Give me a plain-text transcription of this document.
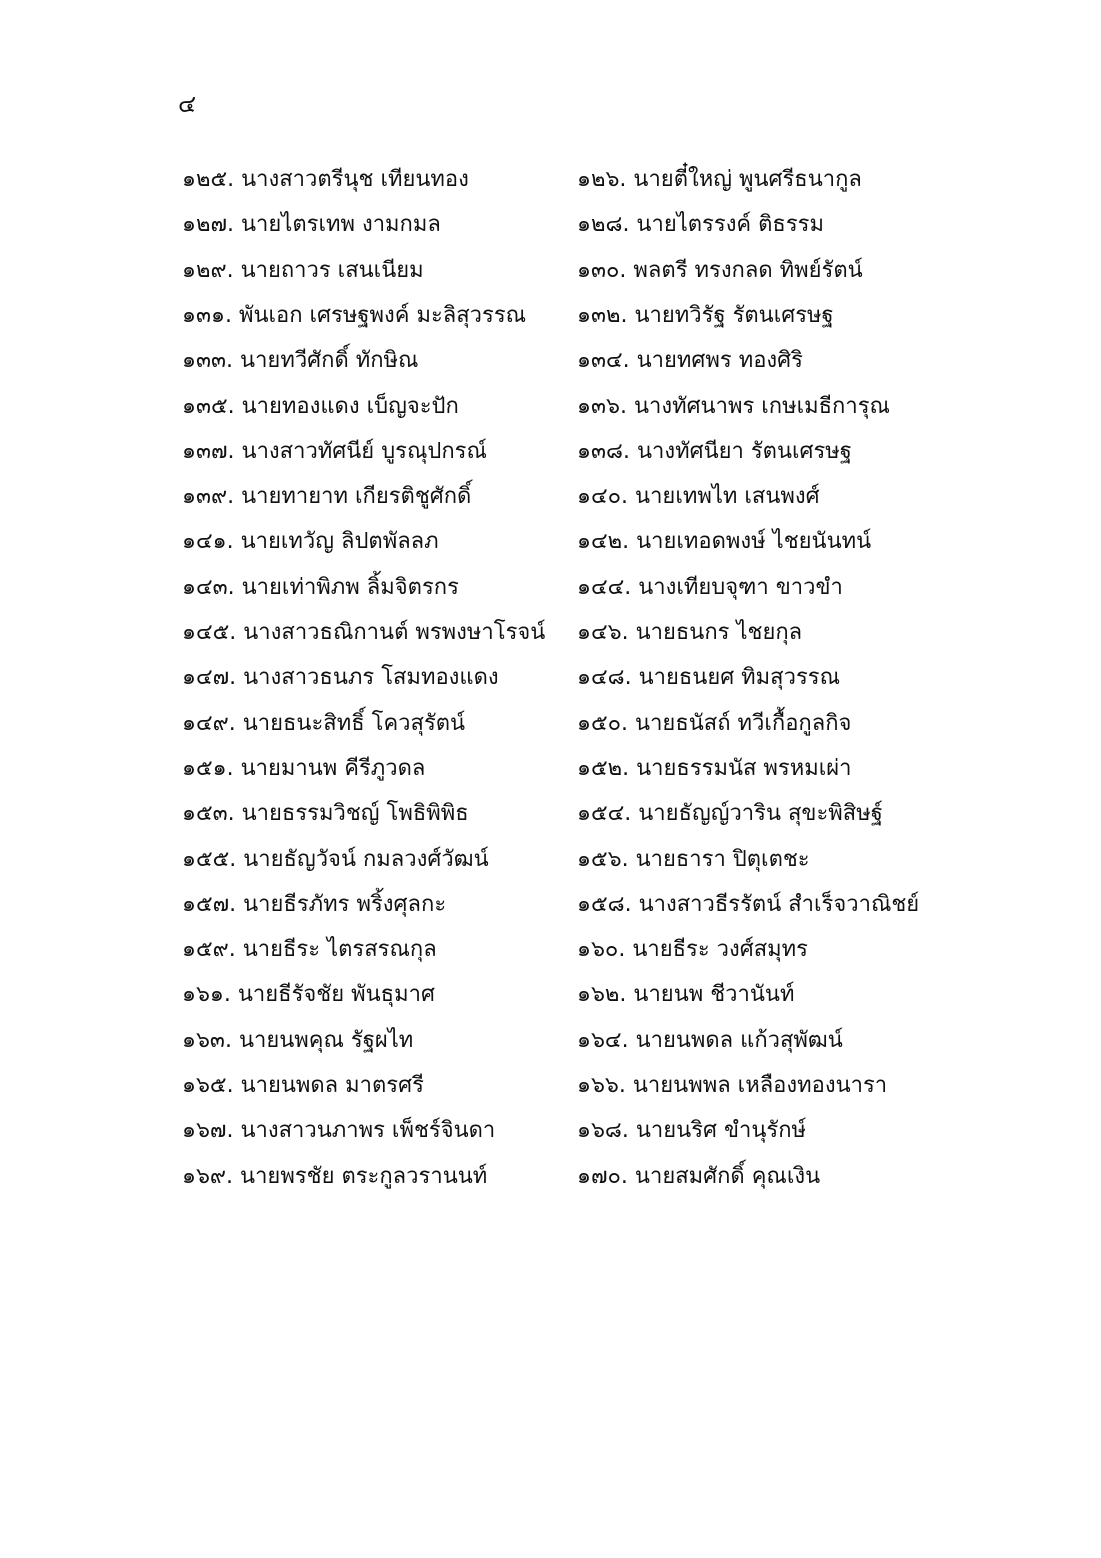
๔
๑๒๕. นางสาวตรีนุช เทียนทอง	๑๒๖. นายตี๋ใหญ่ พูนศรีธนากูล
๑๒๗. นายไตรเทพ งามกมล	๑๒๘. นายไตรรงค์ ติธรรม
๑๒๙. นายถาวร เสนเนียม	๑๓๐. พลตรี ทรงกลด ทิพย์รัตน์
๑๓๑. พันเอก เศรษฐพงค์ มะลิสุวรรณ ๑๓๒. นายทวิรัฐ รัตนเศรษฐ
๑๓๓. นายทวีศักดิ์ ทักษิณ	๑๓๔. นายทศพร ทองศิริ
๑๓๕. นายทองแดง เบ็ญจะปัก	๑๓๖. นางทัศนาพร เกษเมธีการุณ
๑๓๗. นางสาวทัศนีย์ บูรณุปกรณ์	๑๓๘. นางทัศนียา รัตนเศรษฐ
๑๓๙. นายทายาท เกียรติชูศักดิ์	๑๔๐. นายเทพไท เสนพงศ์
๑๔๑. นายเทวัญ ลิปตพัลลภ	๑๔๒. นายเทอดพงษ์ ไชยนันทน์
๑๔๓. นายเท่าพิภพ ลิ้มจิตรกร	๑๔๔. นางเทียบจุฑา ขาวขำ
๑๔๕. นางสาวธณิกานต์ พรพงษาโรจน์ ๑๔๖. นายธนกร ไชยกุล
๑๔๗. นางสาวธนภร โสมทองแดง	๑๔๘. นายธนยศ ทิมสุวรรณ
๑๔๙. นายธนะสิทธิ์ โควสุรัตน์	๑๕๐. นายธนัสถ์ ทวีเกื้อกูลกิจ
๑๕๑. นายมานพ คีรีภูวดล	๑๕๒. นายธรรมนัส พรหมเผ่า
๑๕๓. นายธรรมวิชญ์ โพธิพิพิธ	๑๕๔. นายธัญญ์วาริน สุขะพิสิษฐ์
๑๕๕. นายธัญวัจน์ กมลวงศ์วัฒน์	๑๕๖. นายธารา ปิตุเตชะ
๑๕๗. นายธีรภัทร พริ้งศุลกะ	๑๕๘. นางสาวธีรรัตน์ สำเร็จวาณิชย์
๑๕๙. นายธีระ ไตรสรณกุล	๑๖๐. นายธีระ วงศ์สมุทร
๑๖๑. นายธีรัจชัย พันธุมาศ	๑๖๒. นายนพ ชีวานันท์
๑๖๓. นายนพคุณ รัฐผไท	๑๖๔. นายนพดล แก้วสุพัฒน์
๑๖๕. นายนพดล มาตรศรี	๑๖๖. นายนพพล เหลืองทองนารา
๑๖๗. นางสาวนภาพร เพ็ชร์จินดา	๑๖๘. นายนริศ ขำนุรักษ์
๑๖๙. นายพรชัย ตระกูลวรานนท์	๑๗๐. นายสมศักดิ์ คุณเงิน
